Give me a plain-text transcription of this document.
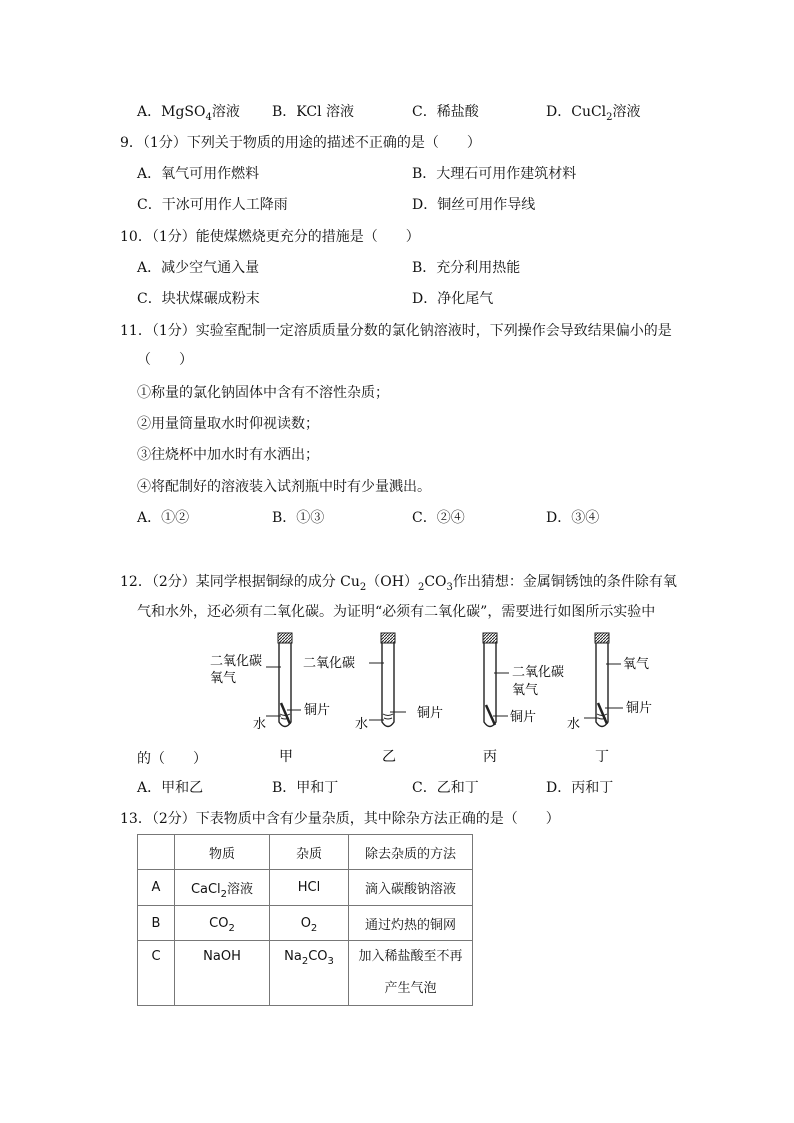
A．MgSO$_4$溶液 B．KCl 溶液	C．稀盐酸	D．CuCl$_2$溶液
9．（1分）下列关于物质的用途的描述不正确的是（　　）
A．氧气可用作燃料	B．大理石可用作建筑材料
C．干冰可用作人工降雨	D．铜丝可用作导线
10．（1分）能使煤燃烧更充分的措施是（　　）
A．减少空气通入量	B．充分利用热能
C．块状煤碾成粉末	D．净化尾气
11．（1分）实验室配制一定溶质质量分数的氯化钠溶液时，下列操作会导致结果偏小的是
（　　）
①称量的氯化钠固体中含有不溶性杂质；
②用量筒量取水时仰视读数；
③往烧杯中加水时有水洒出；
④将配制好的溶液装入试剂瓶中时有少量溅出。
A．①②	B．①③	C．②④	D．③④
12．（2分）某同学根据铜绿的成分 $Cu_2(OH)_2CO_3$作出猜想：金属铜锈蚀的条件除有氧
气和水外，还必须有二氧化碳。为证明“必须有二氧化碳”，需要进行如图所示实验中
二氧化碳
氧气
水
铜片
甲
二氧化碳
水
铜片
乙
二氧化碳
氧气
铜片
丙
氧气
水
铜片
丁
的（　　）
A．甲和乙	B．甲和丁	C．乙和丁	D．丙和丁
13．（2分）下表物质中含有少量杂质，其中除杂方法正确的是（　　）
	物质	杂质	除去杂质的方法
A	CaCl$_2$溶液	HCl	滴入碳酸钠溶液
B	$CO_2$	$O_2$	通过灼热的铜网
C	NaOH	$Na_2CO_3$	加入稀盐酸至不再
产生气泡
